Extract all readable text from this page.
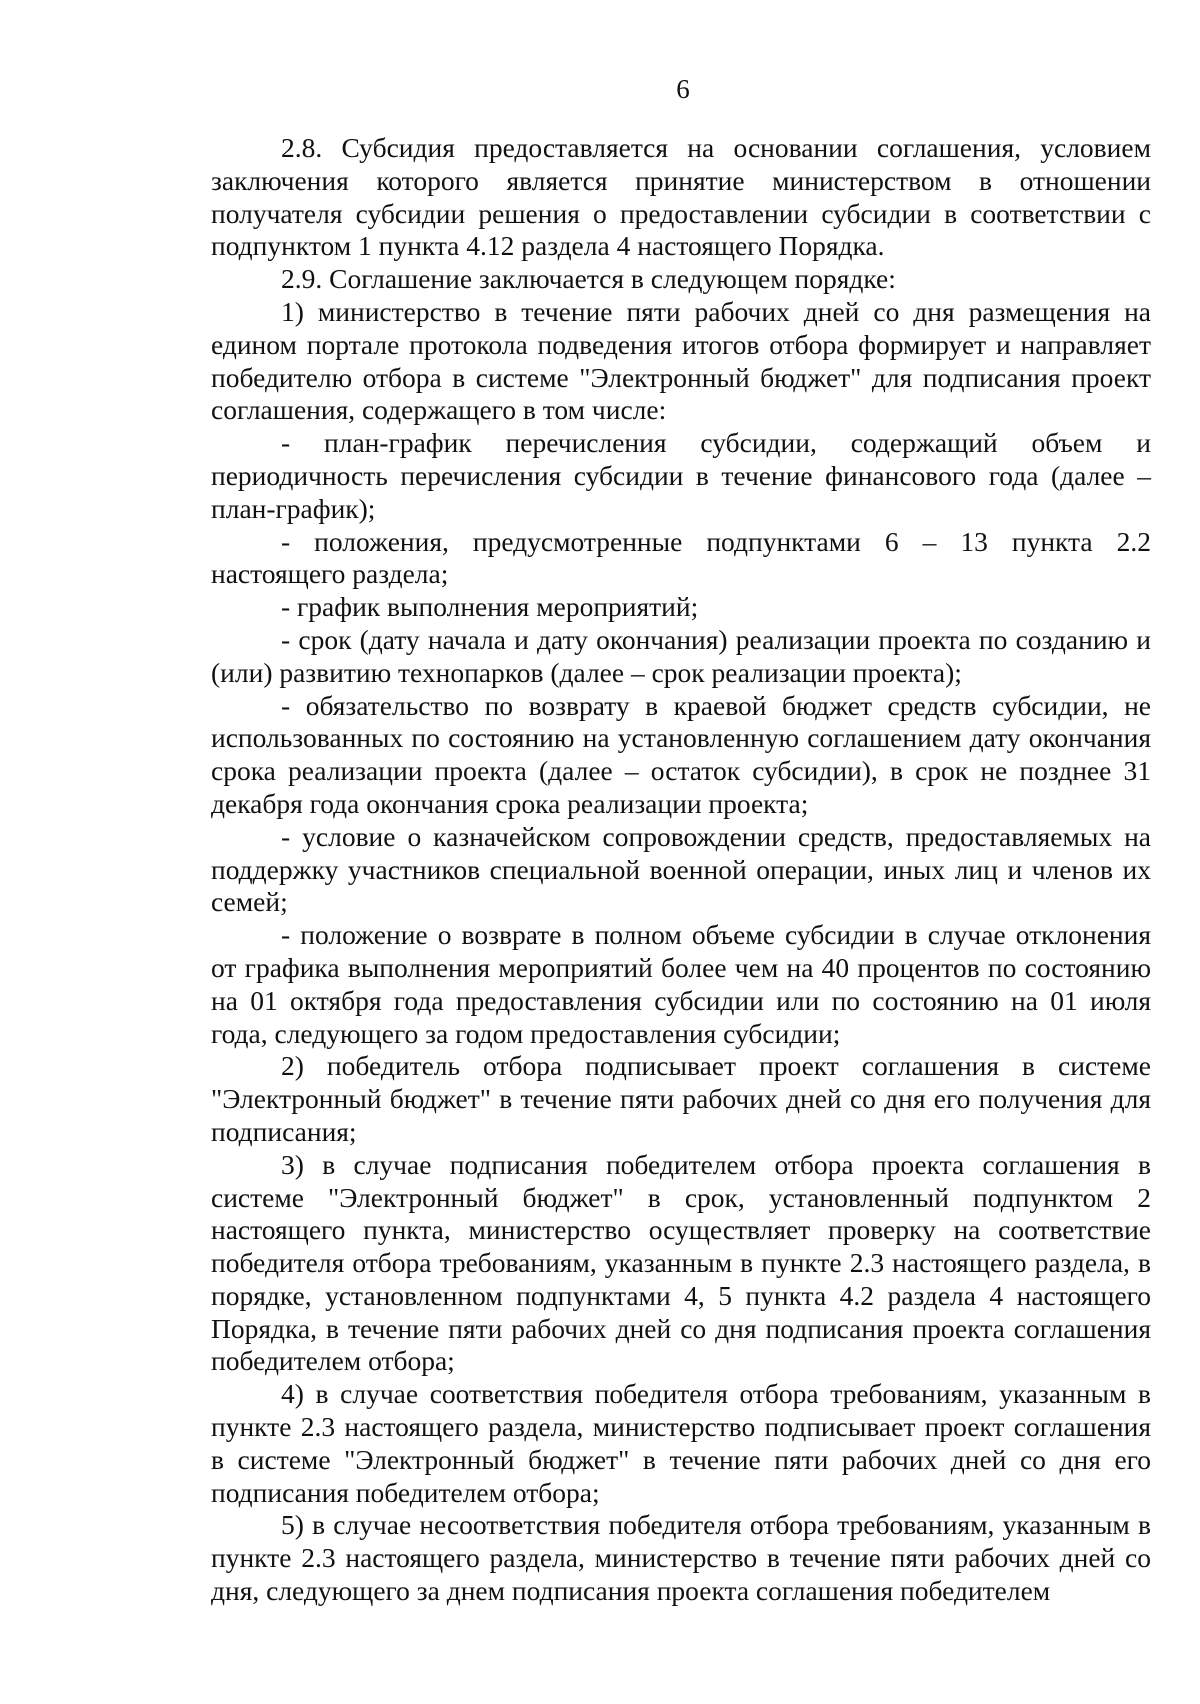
6

2.8. Субсидия предоставляется на основании соглашения, условием заключения которого является принятие министерством в отношении получателя субсидии решения о предоставлении субсидии в соответствии с подпунктом 1 пункта 4.12 раздела 4 настоящего Порядка.

2.9. Соглашение заключается в следующем порядке:

1) министерство в течение пяти рабочих дней со дня размещения на едином портале протокола подведения итогов отбора формирует и направляет победителю отбора в системе "Электронный бюджет" для подписания проект соглашения, содержащего в том числе:

- план-график перечисления субсидии, содержащий объем и периодичность перечисления субсидии в течение финансового года (далее – план-график);

- положения, предусмотренные подпунктами 6 – 13 пункта 2.2 настоящего раздела;

- график выполнения мероприятий;

- срок (дату начала и дату окончания) реализации проекта по созданию и (или) развитию технопарков (далее – срок реализации проекта);

- обязательство по возврату в краевой бюджет средств субсидии, не использованных по состоянию на установленную соглашением дату окончания срока реализации проекта (далее – остаток субсидии), в срок не позднее 31 декабря года окончания срока реализации проекта;

- условие о казначейском сопровождении средств, предоставляемых на поддержку участников специальной военной операции, иных лиц и членов их семей;

- положение о возврате в полном объеме субсидии в случае отклонения от графика выполнения мероприятий более чем на 40 процентов по состоянию на 01 октября года предоставления субсидии или по состоянию на 01 июля года, следующего за годом предоставления субсидии;

2) победитель отбора подписывает проект соглашения в системе "Электронный бюджет" в течение пяти рабочих дней со дня его получения для подписания;

3) в случае подписания победителем отбора проекта соглашения в системе "Электронный бюджет" в срок, установленный подпунктом 2 настоящего пункта, министерство осуществляет проверку на соответствие победителя отбора требованиям, указанным в пункте 2.3 настоящего раздела, в порядке, установленном подпунктами 4, 5 пункта 4.2 раздела 4 настоящего Порядка, в течение пяти рабочих дней со дня подписания проекта соглашения победителем отбора;

4) в случае соответствия победителя отбора требованиям, указанным в пункте 2.3 настоящего раздела, министерство подписывает проект соглашения в системе "Электронный бюджет" в течение пяти рабочих дней со дня его подписания победителем отбора;

5) в случае несоответствия победителя отбора требованиям, указанным в пункте 2.3 настоящего раздела, министерство в течение пяти рабочих дней со дня, следующего за днем подписания проекта соглашения победителем
